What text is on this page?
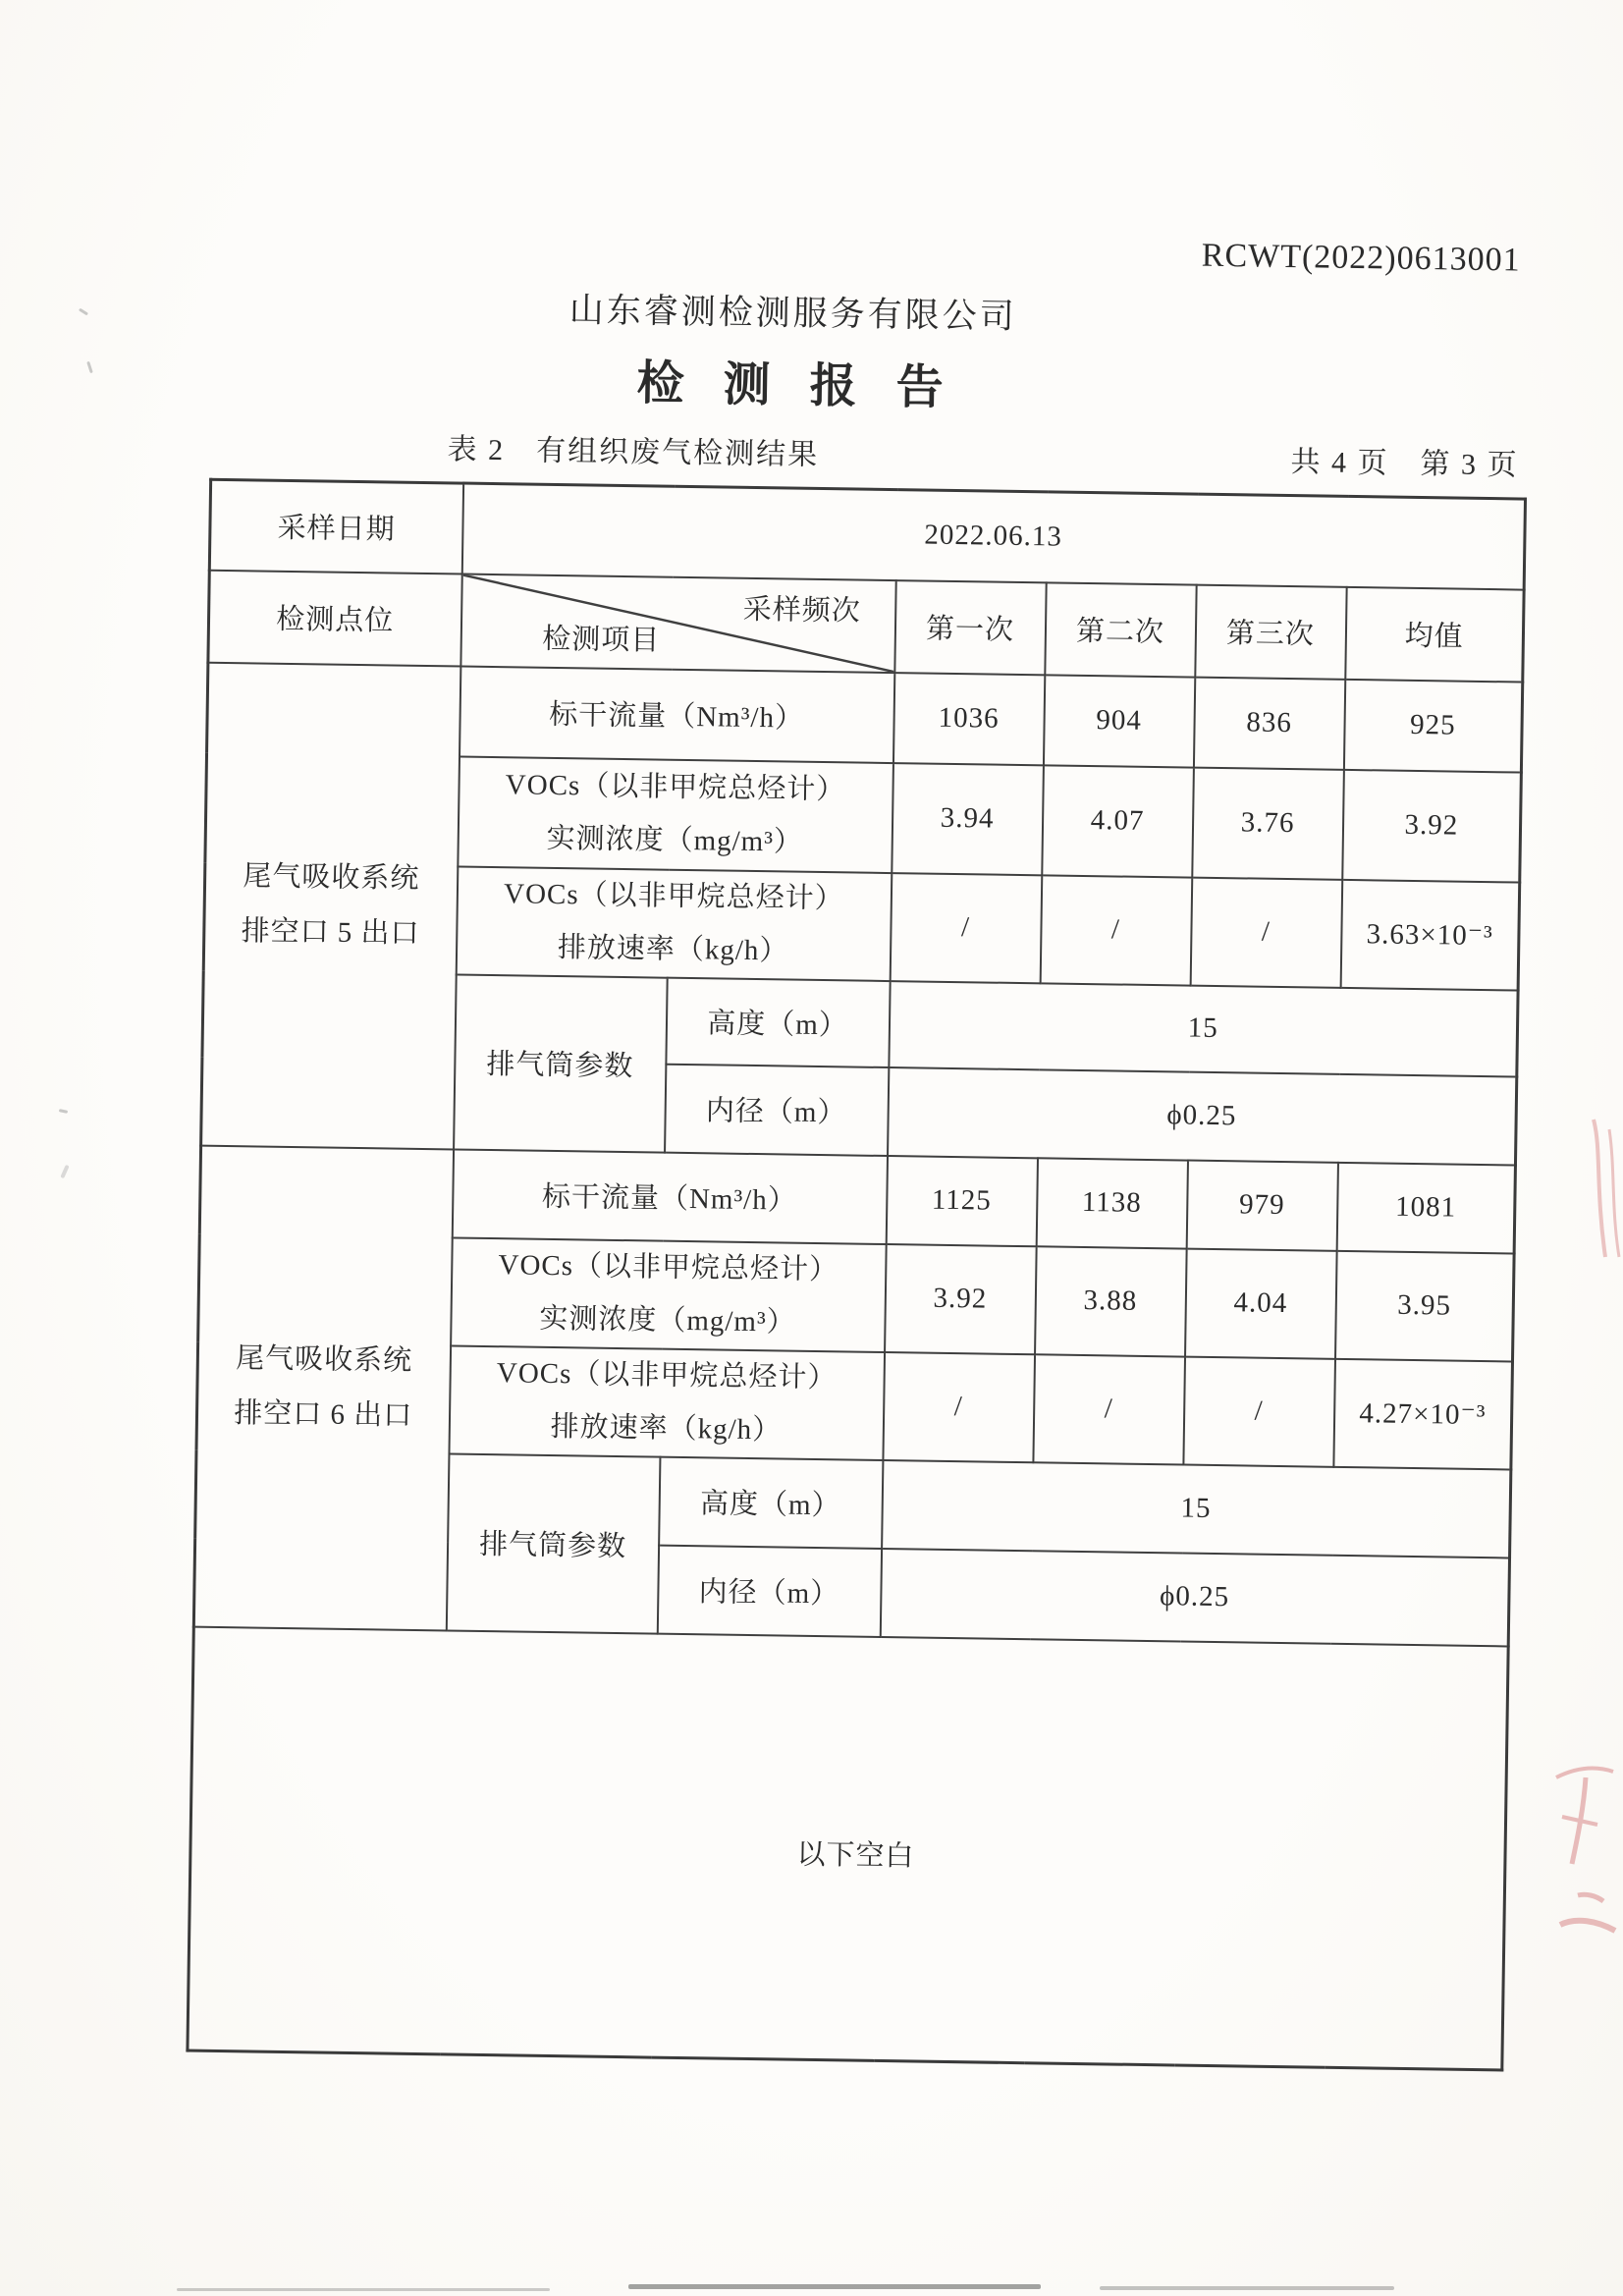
RCWT(2022)0613001
山东睿测检测服务有限公司
检 测 报 告
表 2　有组织废气检测结果	共 4 页　第 3 页
采样日期	2022.06.13					
检测点位	采样频次
检测项目		第一次	第二次	第三次	均值

尾气吸收系统
排空口 5 出口	标干流量（Nm³/h）		1036	904	836	925

	VOCs（以非甲烷总烃计）
实测浓度（mg/m³）		3.94	4.07	3.76	3.92

	VOCs（以非甲烷总烃计）
排放速率（kg/h）		/	/	/	3.63×10⁻³
	排气筒参数	高度（m）	15			
		内径（m）	ϕ0.25			

尾气吸收系统
排空口 6 出口	标干流量（Nm³/h）		1125	1138	979	1081

	VOCs（以非甲烷总烃计）
实测浓度（mg/m³）		3.92	3.88	4.04	3.95

	VOCs（以非甲烷总烃计）
排放速率（kg/h）		/	/	/	4.27×10⁻³
	排气筒参数	高度（m）	15			
		内径（m）	ϕ0.25			
以下空白						
